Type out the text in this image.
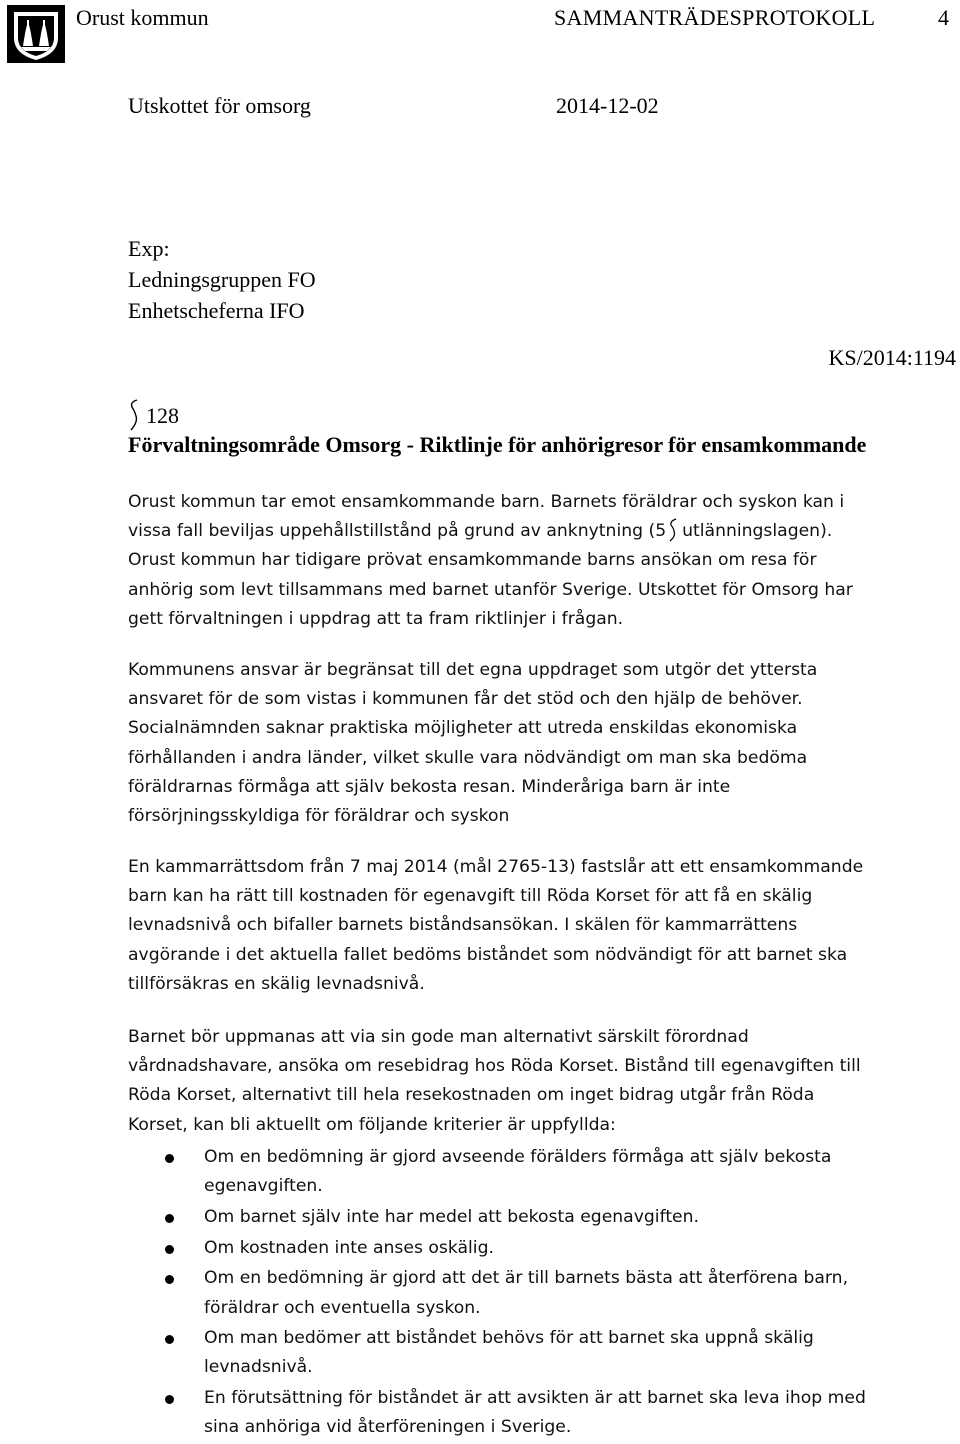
Orust kommun	SAMMANTRÄDESPROTOKOLL	4
Utskottet för omsorg	2014-12-02
Exp:
Ledningsgruppen FO
Enhetscheferna IFO
KS/2014:1194
128
Förvaltningsområde Omsorg - Riktlinje för anhörigresor för ensamkommande
Orust kommun tar emot ensamkommande barn. Barnets föräldrar och syskon kan i
vissa fall beviljas uppehållstillstånd på grund av anknytning (5 utlänningslagen).
Orust kommun har tidigare prövat ensamkommande barns ansökan om resa för
anhörig som levt tillsammans med barnet utanför Sverige. Utskottet för Omsorg har
gett förvaltningen i uppdrag att ta fram riktlinjer i frågan.
Kommunens ansvar är begränsat till det egna uppdraget som utgör det yttersta
ansvaret för de som vistas i kommunen får det stöd och den hjälp de behöver.
Socialnämnden saknar praktiska möjligheter att utreda enskildas ekonomiska
förhållanden i andra länder, vilket skulle vara nödvändigt om man ska bedöma
föräldrarnas förmåga att själv bekosta resan. Minderåriga barn är inte
försörjningsskyldiga för föräldrar och syskon
En kammarrättsdom från 7 maj 2014 (mål 2765-13) fastslår att ett ensamkommande
barn kan ha rätt till kostnaden för egenavgift till Röda Korset för att få en skälig
levnadsnivå och bifaller barnets biståndsansökan. I skälen för kammarrättens
avgörande i det aktuella fallet bedöms biståndet som nödvändigt för att barnet ska
tillförsäkras en skälig levnadsnivå.
Barnet bör uppmanas att via sin gode man alternativt särskilt förordnad
vårdnadshavare, ansöka om resebidrag hos Röda Korset. Bistånd till egenavgiften till
Röda Korset, alternativt till hela resekostnaden om inget bidrag utgår från Röda
Korset, kan bli aktuellt om följande kriterier är uppfyllda:
Om en bedömning är gjord avseende förälders förmåga att själv bekosta
egenavgiften.
Om barnet själv inte har medel att bekosta egenavgiften.
Om kostnaden inte anses oskälig.
Om en bedömning är gjord att det är till barnets bästa att återförena barn,
föräldrar och eventuella syskon.
Om man bedömer att biståndet behövs för att barnet ska uppnå skälig
levnadsnivå.
En förutsättning för biståndet är att avsikten är att barnet ska leva ihop med
sina anhöriga vid återföreningen i Sverige.
